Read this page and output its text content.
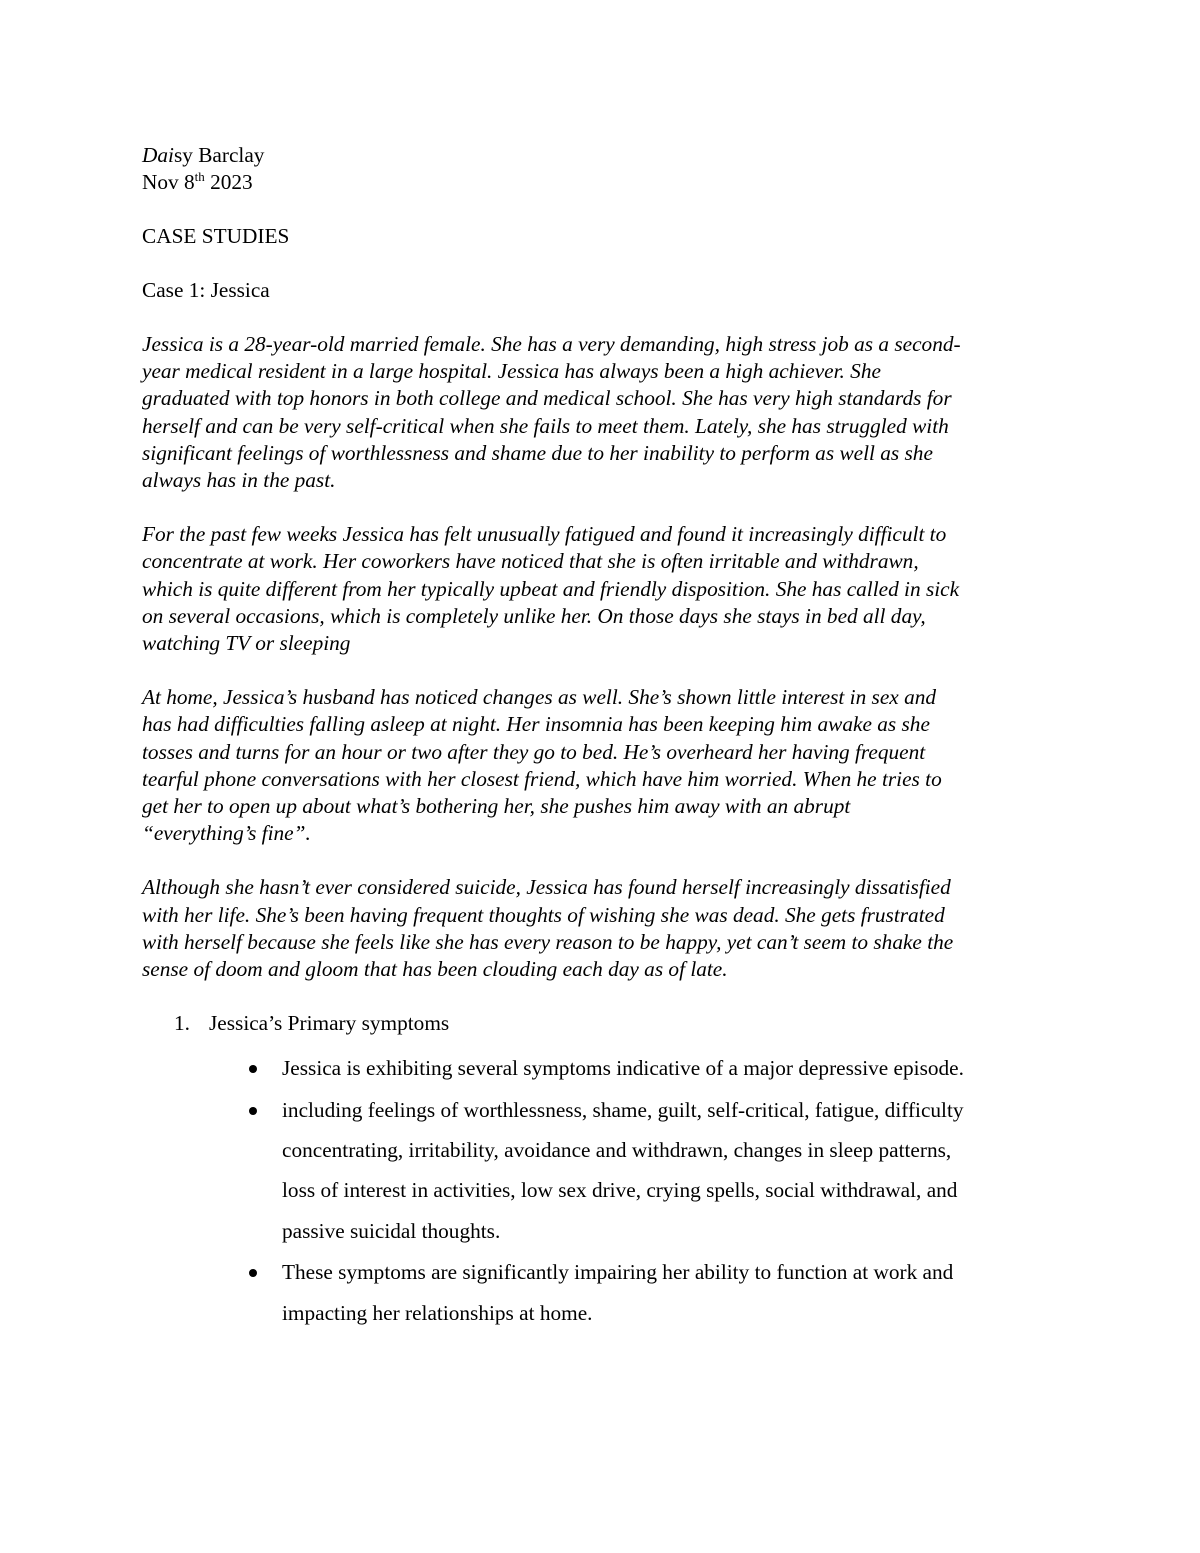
Daisy Barclay

Nov 8th 2023

CASE STUDIES

Case 1: Jessica

Jessica is a 28-year-old married female. She has a very demanding, high stress job as a second-

year medical resident in a large hospital. Jessica has always been a high achiever. She

graduated with top honors in both college and medical school. She has very high standards for

herself and can be very self-critical when she fails to meet them. Lately, she has struggled with

significant feelings of worthlessness and shame due to her inability to perform as well as she

always has in the past.

For the past few weeks Jessica has felt unusually fatigued and found it increasingly difficult to

concentrate at work. Her coworkers have noticed that she is often irritable and withdrawn,

which is quite different from her typically upbeat and friendly disposition. She has called in sick

on several occasions, which is completely unlike her. On those days she stays in bed all day,

watching TV or sleeping

At home, Jessica’s husband has noticed changes as well. She’s shown little interest in sex and

has had difficulties falling asleep at night. Her insomnia has been keeping him awake as she

tosses and turns for an hour or two after they go to bed. He’s overheard her having frequent

tearful phone conversations with her closest friend, which have him worried. When he tries to

get her to open up about what’s bothering her, she pushes him away with an abrupt

“everything’s fine”.

Although she hasn’t ever considered suicide, Jessica has found herself increasingly dissatisfied

with her life. She’s been having frequent thoughts of wishing she was dead. She gets frustrated

with herself because she feels like she has every reason to be happy, yet can’t seem to shake the

sense of doom and gloom that has been clouding each day as of late.

1. Jessica’s Primary symptoms

Jessica is exhibiting several symptoms indicative of a major depressive episode.
including feelings of worthlessness, shame, guilt, self-critical, fatigue, difficulty
concentrating, irritability, avoidance and withdrawn, changes in sleep patterns,
loss of interest in activities, low sex drive, crying spells, social withdrawal, and
passive suicidal thoughts.
These symptoms are significantly impairing her ability to function at work and
impacting her relationships at home.
